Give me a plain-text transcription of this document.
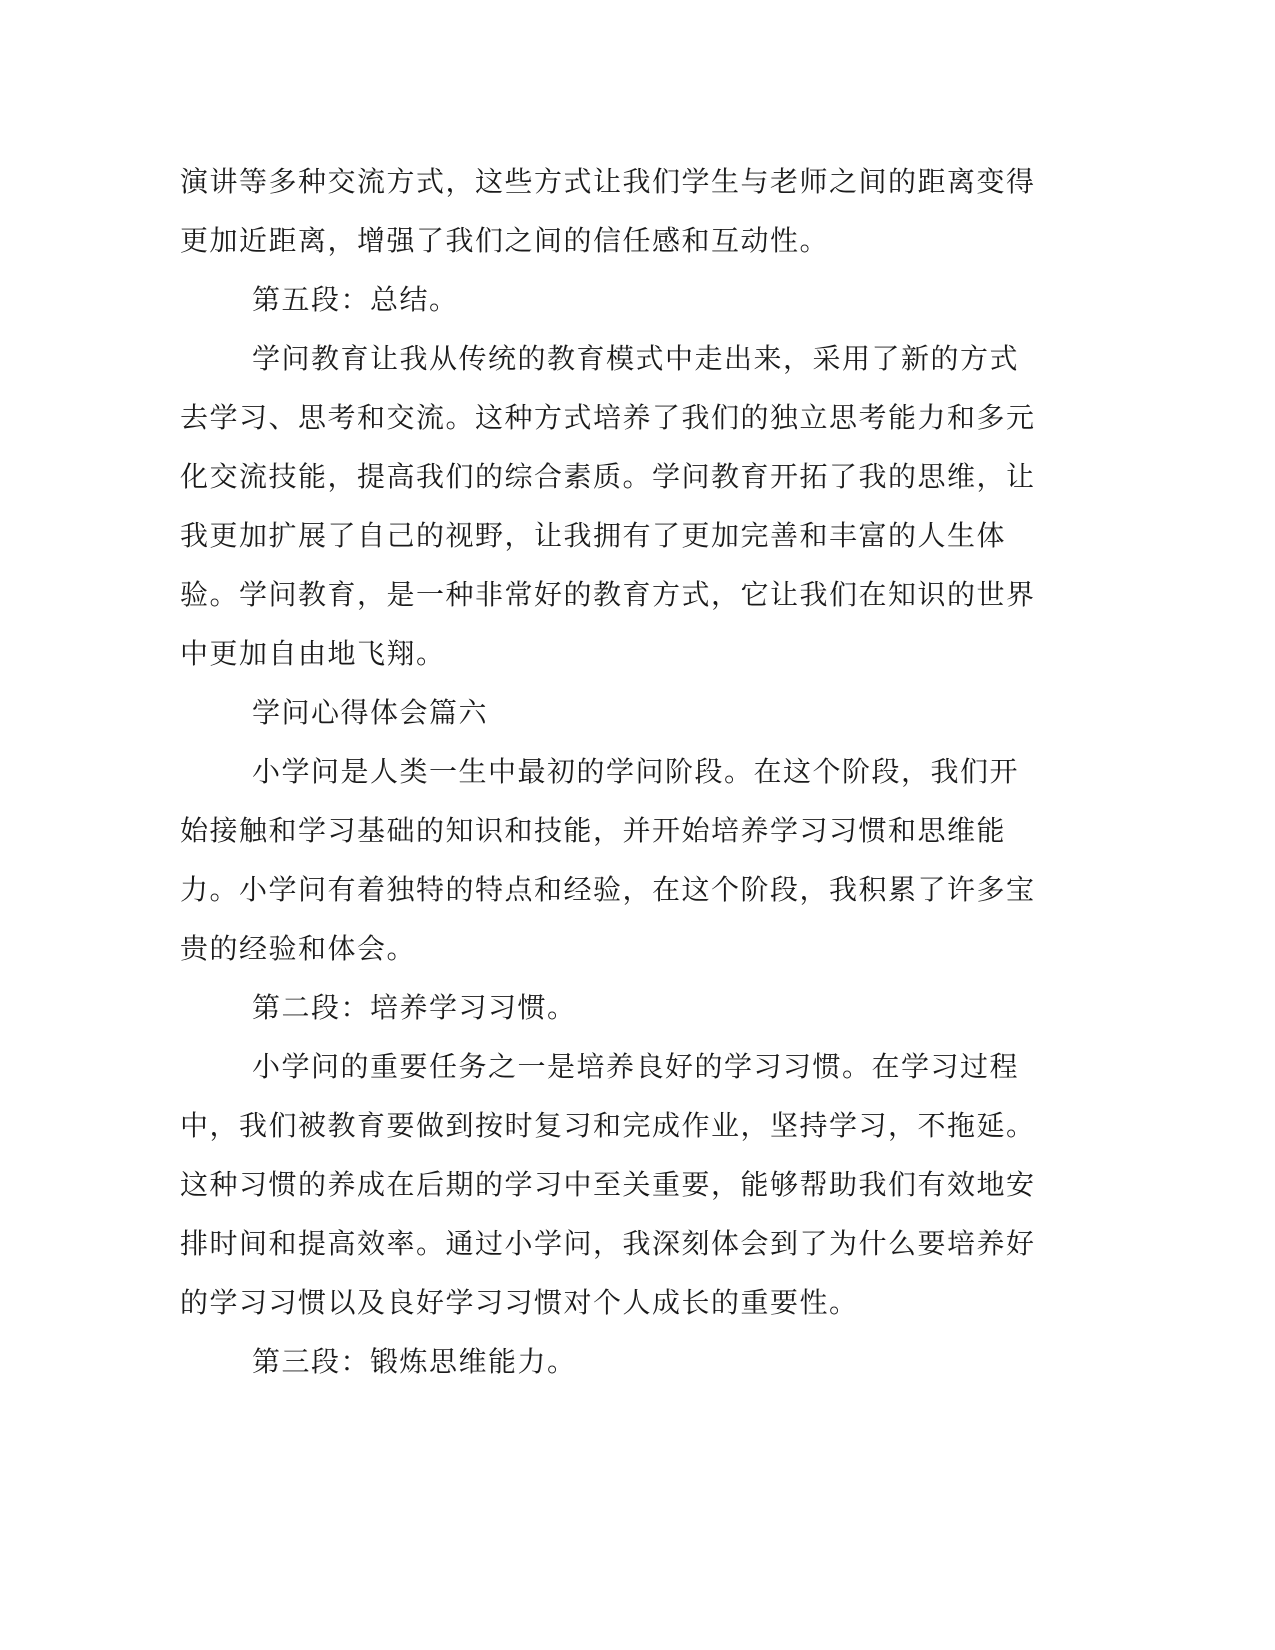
演讲等多种交流方式，这些方式让我们学生与老师之间的距离变得更加近距离，增强了我们之间的信任感和互动性。

第五段：总结。

学问教育让我从传统的教育模式中走出来，采用了新的方式去学习、思考和交流。这种方式培养了我们的独立思考能力和多元化交流技能，提高我们的综合素质。学问教育开拓了我的思维，让我更加扩展了自己的视野，让我拥有了更加完善和丰富的人生体验。学问教育，是一种非常好的教育方式，它让我们在知识的世界中更加自由地飞翔。

学问心得体会篇六

小学问是人类一生中最初的学问阶段。在这个阶段，我们开始接触和学习基础的知识和技能，并开始培养学习习惯和思维能力。小学问有着独特的特点和经验，在这个阶段，我积累了许多宝贵的经验和体会。

第二段：培养学习习惯。

小学问的重要任务之一是培养良好的学习习惯。在学习过程中，我们被教育要做到按时复习和完成作业，坚持学习，不拖延。这种习惯的养成在后期的学习中至关重要，能够帮助我们有效地安排时间和提高效率。通过小学问，我深刻体会到了为什么要培养好的学习习惯以及良好学习习惯对个人成长的重要性。

第三段：锻炼思维能力。
